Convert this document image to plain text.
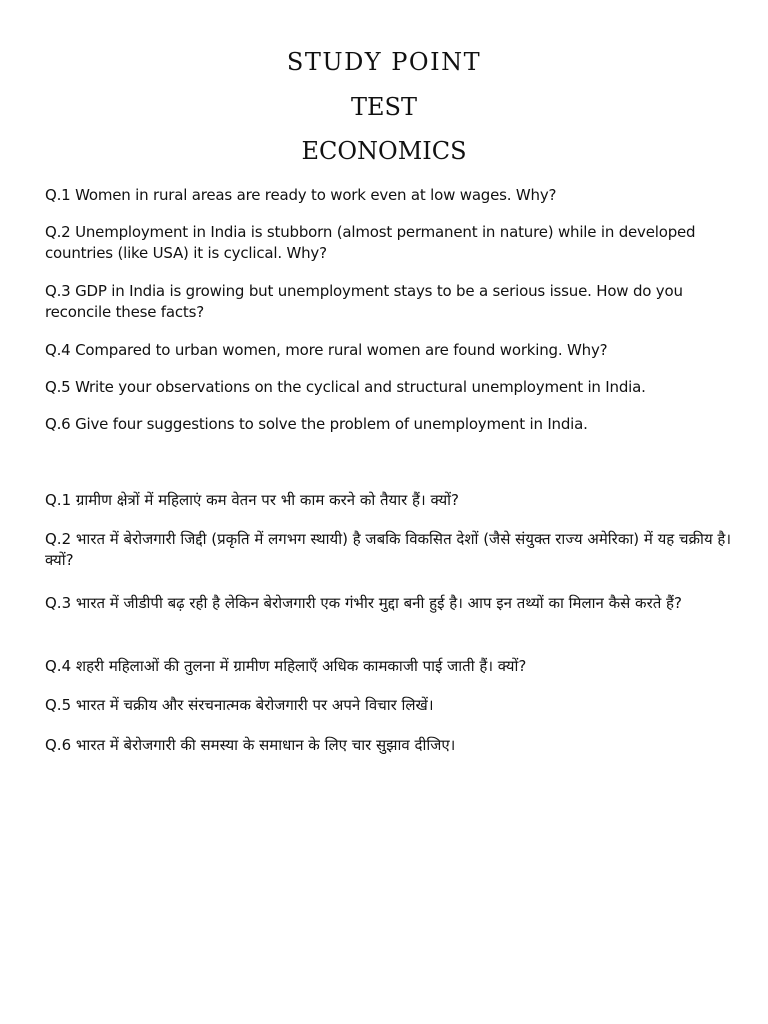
STUDY POINT
TEST
ECONOMICS

Q.1 Women in rural areas are ready to work even at low wages. Why?

Q.2 Unemployment in India is stubborn (almost permanent in nature) while in developed countries (like USA) it is cyclical. Why?

Q.3 GDP in India is growing but unemployment stays to be a serious issue. How do you reconcile these facts?

Q.4 Compared to urban women, more rural women are found working. Why?

Q.5 Write your observations on the cyclical and structural unemployment in India.

Q.6 Give four suggestions to solve the problem of unemployment in India.

Q.1 ग्रामीण क्षेत्रों में महिलाएं कम वेतन पर भी काम करने को तैयार हैं। क्यों?

Q.2 भारत में बेरोजगारी जिद्दी (प्रकृति में लगभग स्थायी) है जबकि विकसित देशों (जैसे संयुक्त राज्य अमेरिका) में यह चक्रीय है। क्यों?

Q.3 भारत में जीडीपी बढ़ रही है लेकिन बेरोजगारी एक गंभीर मुद्दा बनी हुई है। आप इन तथ्यों का मिलान कैसे करते हैं?

Q.4 शहरी महिलाओं की तुलना में ग्रामीण महिलाएँ अधिक कामकाजी पाई जाती हैं। क्यों?

Q.5 भारत में चक्रीय और संरचनात्मक बेरोजगारी पर अपने विचार लिखें।

Q.6 भारत में बेरोजगारी की समस्या के समाधान के लिए चार सुझाव दीजिए।
